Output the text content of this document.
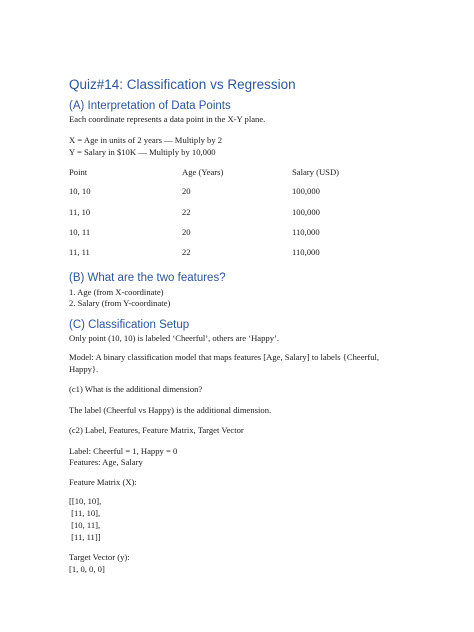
Quiz#14: Classification vs Regression
(A) Interpretation of Data Points
Each coordinate represents a data point in the X-Y plane.
X = Age in units of 2 years — Multiply by 2
Y = Salary in $10K — Multiply by 10,000
Point	Age (Years)	Salary (USD)
10, 10	20	100,000
11, 10	22	100,000
10, 11	20	110,000
11, 11	22	110,000
(B) What are the two features?
1. Age (from X-coordinate)
2. Salary (from Y-coordinate)
(C) Classification Setup
Only point (10, 10) is labeled ‘Cheerful’, others are ‘Happy’.
Model: A binary classification model that maps features [Age, Salary] to labels {Cheerful, Happy}.
(c1) What is the additional dimension?
The label (Cheerful vs Happy) is the additional dimension.
(c2) Label, Features, Feature Matrix, Target Vector
Label: Cheerful = 1, Happy = 0
Features: Age, Salary
Feature Matrix (X):
[[10, 10],
[11, 10],
[10, 11],
[11, 11]]
Target Vector (y):
[1, 0, 0, 0]
